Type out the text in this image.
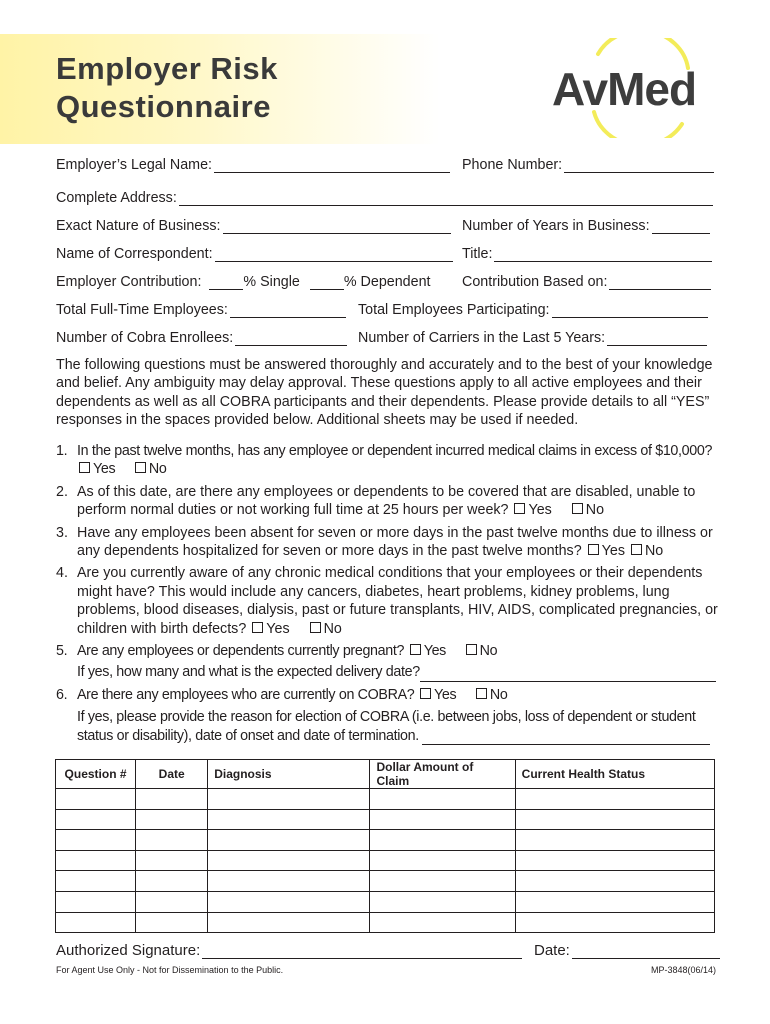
Employer Risk
Questionnaire	AvMed
Employer’s Legal Name:	Phone Number:
Complete Address:
Exact Nature of Business:	Number of Years in Business:
Name of Correspondent:	Title:
Employer Contribution:	% Single	% Dependent Contribution Based on:
Total Full-Time Employees:	Total Employees Participating:
Number of Cobra Enrollees:	Number of Carriers in the Last 5 Years:

The following questions must be answered thoroughly and accurately and to the best of your knowledge and belief. Any ambiguity may delay approval. These questions apply to all active employees and their dependents as well as all COBRA participants and their dependents. Please provide details to all “YES” responses in the spaces provided below. Additional sheets may be used if needed.

1. In the past twelve months, has any employee or dependent incurred medical claims in excess of $10,000?
Yes No
2. As of this date, are there any employees or dependents to be covered that are disabled, unable to perform normal duties or not working full time at 25 hours per week? Yes No
3. Have any employees been absent for seven or more days in the past twelve months due to illness or any dependents hospitalized for seven or more days in the past twelve months? Yes No
4. Are you currently aware of any chronic medical conditions that your employees or their dependents might have? This would include any cancers, diabetes, heart problems, kidney problems, lung problems, blood diseases, dialysis, past or future transplants, HIV, AIDS, complicated pregnancies, or children with birth defects? Yes No
5. Are any employees or dependents currently pregnant? Yes No
If yes, how many and what is the expected delivery date?
6. Are there any employees who are currently on COBRA? Yes No
If yes, please provide the reason for election of COBRA (i.e. between jobs, loss of dependent or student status or disability), date of onset and date of termination.
Question #	Date	Diagnosis	Dollar Amount of Claim	Current Health Status

Authorized Signature:	Date:
For Agent Use Only - Not for Dissemination to the Public.	MP-3848(06/14)
